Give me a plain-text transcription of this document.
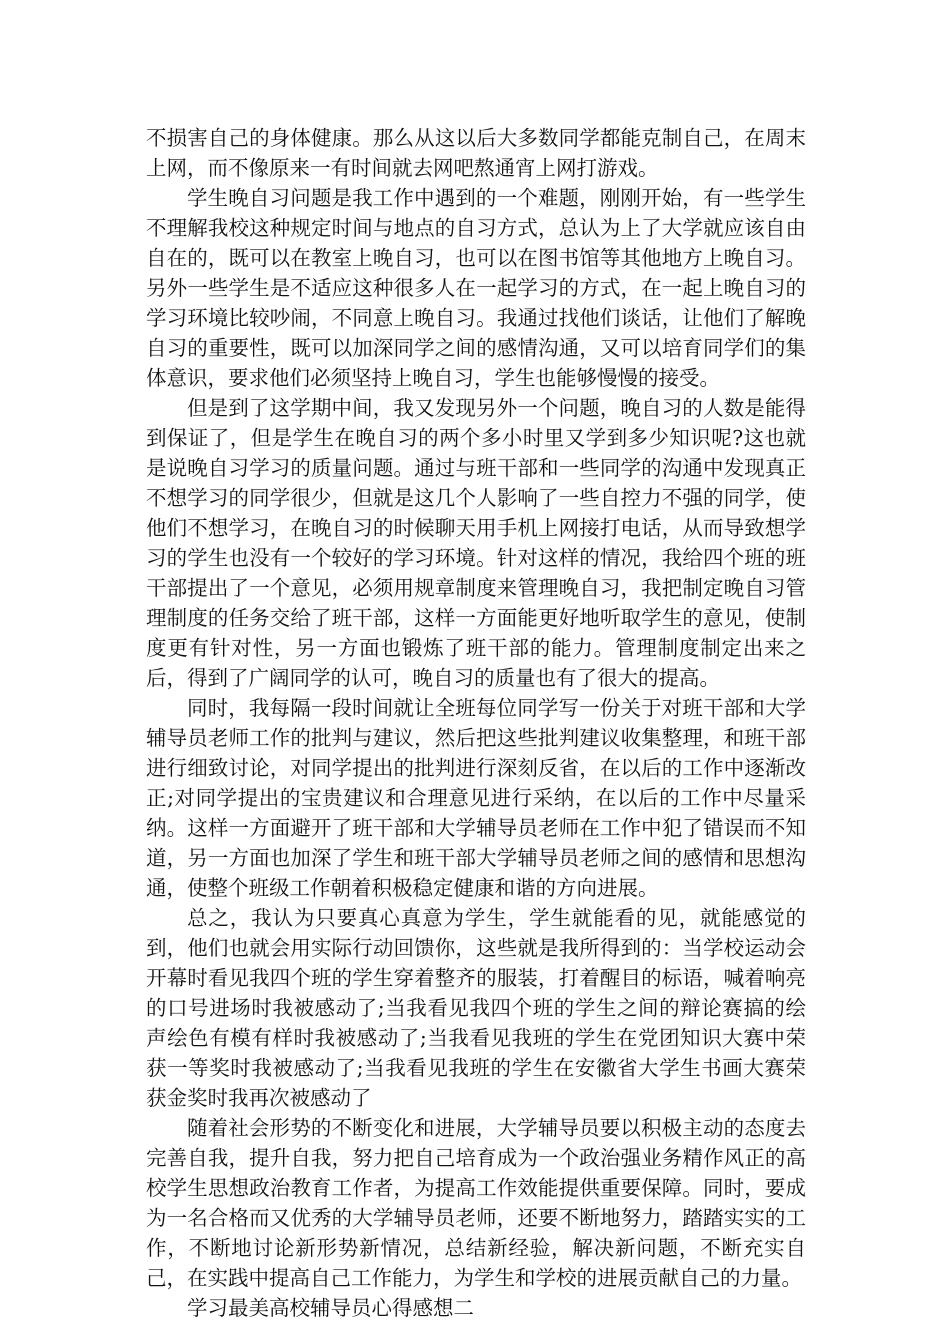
不损害自己的身体健康。那么从这以后大多数同学都能克制自己，在周末上网，而不像原来一有时间就去网吧熬通宵上网打游戏。

学生晚自习问题是我工作中遇到的一个难题，刚刚开始，有一些学生不理解我校这种规定时间与地点的自习方式，总认为上了大学就应该自由自在的，既可以在教室上晚自习，也可以在图书馆等其他地方上晚自习。另外一些学生是不适应这种很多人在一起学习的方式，在一起上晚自习的学习环境比较吵闹，不同意上晚自习。我通过找他们谈话，让他们了解晚自习的重要性，既可以加深同学之间的感情沟通，又可以培育同学们的集体意识，要求他们必须坚持上晚自习，学生也能够慢慢的接受。

但是到了这学期中间，我又发现另外一个问题，晚自习的人数是能得到保证了，但是学生在晚自习的两个多小时里又学到多少知识呢?这也就是说晚自习学习的质量问题。通过与班干部和一些同学的沟通中发现真正不想学习的同学很少，但就是这几个人影响了一些自控力不强的同学，使他们不想学习，在晚自习的时候聊天用手机上网接打电话，从而导致想学习的学生也没有一个较好的学习环境。针对这样的情况，我给四个班的班干部提出了一个意见，必须用规章制度来管理晚自习，我把制定晚自习管理制度的任务交给了班干部，这样一方面能更好地听取学生的意见，使制度更有针对性，另一方面也锻炼了班干部的能力。管理制度制定出来之后，得到了广阔同学的认可，晚自习的质量也有了很大的提高。

同时，我每隔一段时间就让全班每位同学写一份关于对班干部和大学辅导员老师工作的批判与建议，然后把这些批判建议收集整理，和班干部进行细致讨论，对同学提出的批判进行深刻反省，在以后的工作中逐渐改正;对同学提出的宝贵建议和合理意见进行采纳，在以后的工作中尽量采纳。这样一方面避开了班干部和大学辅导员老师在工作中犯了错误而不知道，另一方面也加深了学生和班干部大学辅导员老师之间的感情和思想沟通，使整个班级工作朝着积极稳定健康和谐的方向进展。

总之，我认为只要真心真意为学生，学生就能看的见，就能感觉的到，他们也就会用实际行动回馈你，这些就是我所得到的：当学校运动会开幕时看见我四个班的学生穿着整齐的服装，打着醒目的标语，喊着响亮的口号进场时我被感动了;当我看见我四个班的学生之间的辩论赛搞的绘声绘色有模有样时我被感动了;当我看见我班的学生在党团知识大赛中荣获一等奖时我被感动了;当我看见我班的学生在安徽省大学生书画大赛荣获金奖时我再次被感动了

随着社会形势的不断变化和进展，大学辅导员要以积极主动的态度去完善自我，提升自我，努力把自己培育成为一个政治强业务精作风正的高校学生思想政治教育工作者，为提高工作效能提供重要保障。同时，要成为一名合格而又优秀的大学辅导员老师，还要不断地努力，踏踏实实的工作，不断地讨论新形势新情况，总结新经验，解决新问题，不断充实自己，在实践中提高自己工作能力，为学生和学校的进展贡献自己的力量。

学习最美高校辅导员心得感想二
